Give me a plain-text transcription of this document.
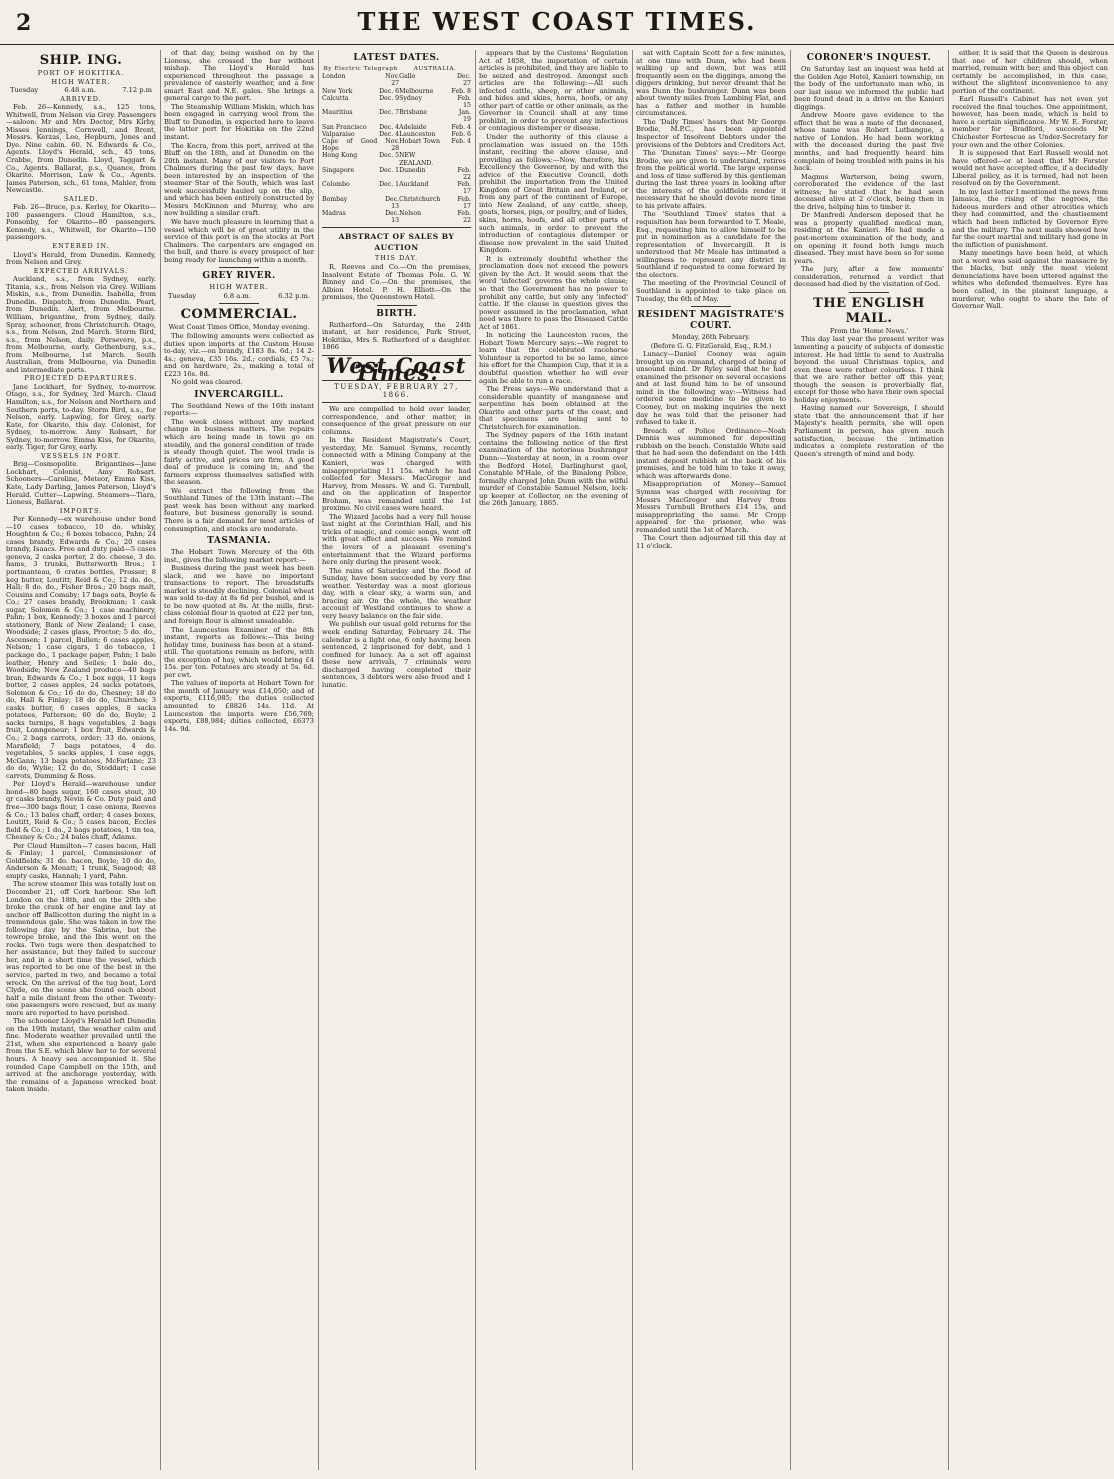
2	THE WEST COAST TIMES.
SHIP. ING.
PORT OF HOKITIKA.
HIGH WATER.
Tuesday	6.48 a.m.	7.12 p.m
ARRIVED.

Feb. 26—Kennedy, s.s., 125 tons, Whitwell, from Nelson via Grey. Passengers—saloon: Mr and Mrs Doctor, Mrs Kirby, Misses Jennings, Cornwell, and Brent, Messrs. Kerzas, Lee, Hepburn, Jones and Dye. Nine cabin. 60. N. Edwards & Co., Agents. Lloyd's Herald, sch., 45 tons, Crabbe, from Dunedin. Lloyd, Taggart & Co., Agents. Ballarat, p.s., Quance, from Okarito. Morrison, Law & Co., Agents. James Paterson, sch., 61 tons, Mahler, from Newcastle.

SAILED.

Feb. 26—Bruce, p.s. Kerley, for Okarito—100 passengers. Cloud Hamilton, s.s., Ponsonby, for Okarito—80 passengers. Kennedy, s.s., Whitwell, for Okarito—150 passengers.

ENTERED IN.

Lloyd's Herald, from Dunedin. Kennedy, from Nelson and Grey.

EXPECTED ARRIVALS.

Auckland, s.s., from Sydney, early. Titania, s.s., from Nelson via Grey. William Miskin, s.s., from Dunedin. Isabella, from Dunedin. Dispatch, from Dunedin. Pearl, from Dunedin. Alert, from Melbourne. William, brigantine, from Sydney, daily. Spray, schooner, from Christchurch. Otago, s.s., from Nelson, 2nd March. Storm Bird, s.s., from Nelson, daily. Persevere, p.s., from Melbourne, early. Gothenburg, s.s., from Melbourne, 1st March. South Australian, from Melbourne, via Dunedin and intermediate ports.

PROJECTED DEPARTURES.

Jane Lockhart, for Sydney, to-morrow. Otago, s.s., for Sydney, 3rd March. Claud Hamilton, s.s., for Nelson and Northern and Southern ports, to-day. Storm Bird, s.s., for Nelson, early. Lapwing, for Grey, early. Kate, for Okarito, this day. Colonist, for Sydney, to-morrow. Amy Robsart, for Sydney, to-morrow. Emma Kiss, for Okarito, early. Tiger, for Grey, early.

VESSELS IN PORT.

Brig—Cosmopolite. Brigantines—Jane Lockhart, Colonist, Amy Robsart. Schooners—Caroline, Meteor, Emma Kiss, Kate, Lady Darling, James Paterson, Lloyd's Herald. Cutter—Lapwing. Steamers—Tiara, Lioness, Ballarat.

IMPORTS.

Per Kennedy—ex warehouse under bond—10 cases tobacco, 10 do. whisky, Houghton & Co.; 6 boxes tobacco, Pahn; 24 cases brandy, Edwards & Co.; 20 cases brandy, Isaacs. Free and duty paid—5 cases geneva, 2 casks porter, 2 do. cheese, 3 do. hams, 3 trunks, Butterworth Bros.; 1 portmanteau, 6 crates bottles, Prosser; 8 keg butter, Loutitt; Reid & Co.; 12 do. do., Hall; 8 do. do., Fisher Bros.; 20 bags malt, Cousins and Comaby; 17 bags oats, Boyle & Co.; 27 cases brandy, Brookman; 1 cask sugar, Solomon & Co.; 1 case machinery, Pahn; 1 box, Kennedy; 3 boxes and 1 parcel stationery, Bank of New Zealand; 1 case, Woodside; 2 cases glass, Proctor; 5 do. do., Ascensen; 1 parcel, Bullen; 6 cases apples, Nelson; 1 case cigars, 1 do tobacco, 1 package do., 1 package paper, Pahn; 1 bale leather, Henry and Seiles; 1 bale do., Woodside; New Zealand produce—40 bags bran, Edwards & Co.; 1 box eggs, 11 kegs butter, 2 cases apples, 24 sacks potatoes, Solomon & Co.; 16 do do, Chesney; 18 do do, Hall & Finlay; 18 do do, Churches; 3 casks butter, 6 cases apples, 8 sacks potatoes, Patterson; 60 do do, Boyle; 2 sacks turnips, 8 bags vegetables, 2 bags fruit, Lonngeneur; 1 box fruit, Edwards & Co.; 2 bags carrots, order; 33 do. onions, Marsfield; 7 bags potatoes, 4 do. vegetables, 5 sacks apples, 1 case eggs, McGann; 13 bags potatoes, McFarlane; 23 do do, Wylie; 12 do do, Stoddart; 1 case carrots, Dumming & Ross.

Per Lloyd's Herald—warehouse under bond—80 bags sugar, 160 cases stout, 30 qr casks brandy, Nevin & Co. Duty paid and free—300 bags flour, 1 case onions, Reeves & Co.; 13 bales chaff, order; 4 cases boxes, Loutitt, Reid & Co.; 5 cases bacon, Eccles field & Co.; 1 do., 2 bags potatoes, 1 tin tea, Chesney & Co.; 24 bales chaff, Adams.

Per Cloud Hamilton—7 cases bacon, Hall & Finlay; 1 parcel, Commissioner of Goldfields; 31 do. bacon, Boyle; 10 do do, Anderson & Mouatt; 1 trunk, Seagood; 48 empty casks, Hannah; 1 yard, Pahn.

The screw steamer Ibis was totally lost on December 21, off Cork harbour. She left London on the 18th, and on the 20th she broke the crank of her engine and lay at anchor off Ballicotton during the night in a tremendous gale. She was taken in tow the following day by the Sabrina, but the towrope broke, and the Ibis went on the rocks. Two tugs were then despatched to her assistance, but they failed to succour her, and in a short time the vessel, which was reported to be one of the best in the service, parted in two, and became a total wreck. On the arrival of the tug boat, Lord Clyde, on the scene she found each about half a mile distant from the other. Twenty-one passengers were rescued, but as many more are reported to have perished.

The schooner Lloyd's Herald left Dunedin on the 19th instant, the weather calm and fine. Moderate weather prevailed until the 21st, when she experienced a heavy gale from the S.E. which blew her to for several hours. A heavy sea accompanied it. She rounded Cape Campbell on the 15th, and arrived at the anchorage yesterday, with the remains of a Japanese wrecked boat taken inside.

of that day, being washed on by the Lioness, she crossed the bar without mishap. The Lloyd's Herald has experienced throughout the passage a prevalence of easterly weather, and a few smart East and N.E. gales. She brings a general cargo to the port.

The Steamship William Miskin, which has been engaged in carrying wool from the Bluff to Dunedin, is expected here to leave the latter port for Hokitika on the 22nd instant.

The Kocra, from this port, arrived at the Bluff on the 18th, and at Dunedin on the 20th instant. Many of our visitors to Port Chalmers during the past few days, have been interested by an inspection of the steamer Star of the South, which was last week successfully hauled up on the slip, and which has been entirely constructed by Messrs McKinnon and Murray, who are now building a similar craft.

We have much pleasure in learning that a vessel which will be of great utility in the service of this port is on the stocks at Port Chalmers. The carpenters are engaged on the hull, and there is every prospect of her being ready for launching within a month.

GREY RIVER.
HIGH WATER.
Tuesday	6.8 a.m.	6.32 p.m.
COMMERCIAL.
West Coast Times Office, Monday evening.

The following amounts were collected as duties upon imports at the Custom House to-day, viz.—on brandy, £183 8s. 6d.; 14 2-4s.; geneva, £35 16s. 2d.; cordials, £5 7s.; and on hardware, 2s., making a total of £223 16s. 8d.

No gold was cleared.

INVERCARGILL.

The Southland News of the 16th instant reports:—

The week closes without any marked change in business matters. The repairs which are being made in town go on steadily, and the general condition of trade is steady though quiet. The wool trade is fairly active, and prices are firm. A good deal of produce is coming in, and the farmers express themselves satisfied with the season.

We extract the following from the Southland Times of the 13th instant:—The past week has been without any marked feature, but business generally is sound. There is a fair demand for most articles of consumption, and stocks are moderate.

TASMANIA.

The Hobart Town Mercury of the 6th inst., gives the following market report:—

Business during the past week has been slack, and we have no important transactions to report. The breadstuffs market is steadily declining. Colonial wheat was sold to-day at 8s 6d per bushel, and is to be now quoted at 8s. At the mills, first-class colonial flour is quoted at £22 per ton, and foreign flour is almost unsaleable.

The Launceston Examiner of the 8th instant, reports as follows:—This being holiday time, business has been at a stand-still. The quotations remain as before, with the exception of hay, which would bring £4 15s. per ton. Potatoes are steady at 5s. 6d. per cwt.

The values of imports at Hobart Town for the month of January was £14,050; and of exports, £116,085; the duties collected amounted to £8826 14s. 11d. At Launceston the imports were £56,769; exports, £88,984; duties collected, £6373 14s. 9d.

LATEST DATES.
By Electric Telegraph		AUSTRALIA.	
London	Nov. 27	Galle	Dec. 27
New York	Dec. 6	Melbourne	Feb. 8
Calcutta	Dec. 9	Sydney	Feb. 15
Mauritius	Dec. 7	Brisbane	Jan. 19
San Francisco	Dec. 4	Adelaide	Feb. 4
Valparaiso	Dec. 4	Launceston	Feb. 6
Cape of Good Hope	Nov. 28	Hobart Town	Feb. 4
Hong Kong	Dec. 5	NEW ZEALAND.	
Singapore	Dec. 1	Dunedin	Feb. 22
Colombo	Dec. 1	Auckland	Feb. 17
Bombay	Dec. 13	Christchurch	Feb. 17
Madras	Dec. 13	Nelson	Feb. 22
ABSTRACT OF SALES BY AUCTION
THIS DAY.

R. Reeves and Co.—On the premises, Insolvent Estate of Thomas Pole. G. W. Binney and Co.—On the premises, the Albion Hotel. P. H. Elliott—On the premises, the Queenstown Hotel.

BIRTH.

Rutherford—On Saturday, the 24th instant, at her residence, Park Street, Hokitika, Mrs S. Rutherford of a daughter. 1866

West Coast Times.
TUESDAY, FEBRUARY 27, 1866.

We are compelled to hold over leader, correspondence, and other matter, in consequence of the great pressure on our columns.

In the Resident Magistrate's Court, yesterday, Mr. Samuel Symms, recently connected with a Mining Company at the Kanieri, was charged with misappropriating 11 15s. which he had collected for Messrs. MacGregor and Harvey, from Messrs. W. and G. Turnbull, and on the application of Inspector Broham, was remanded until the 1st proximo. No civil cases were heard.

The Wizard Jacobs had a very full house last night at the Corinthian Hall, and his tricks of magic, and comic songs, went off with great effect and success. We remind the lovers of a pleasant evening's entertainment that the Wizard performs here only during the present week.

The rains of Saturday and the flood of Sunday, have been succeeded by very fine weather. Yesterday was a most glorious day, with a clear sky, a warm sun, and bracing air. On the whole, the weather account of Westland continues to show a very heavy balance on the fair side.

We publish our usual gold returns for the week ending Saturday, February 24. The calendar is a light one, 6 only having been sentenced, 2 imprisoned for debt, and 1 confined for lunacy. As a set off against these new arrivals, 7 criminals were discharged having completed their sentences, 3 debtors were also freed and 1 lunatic.

appears that by the Customs' Regulation Act of 1858, the importation of certain articles is prohibited, and they are liable to be seized and destroyed. Amongst such articles are the following:—All such infected cattle, sheep, or other animals, and hides and skins, horns, hoofs, or any other part of cattle or other animals, as the Governor in Council shall at any time prohibit, in order to prevent any infectious or contagious distemper or disease.

Under the authority of this clause a proclamation was issued on the 15th instant, reciting the above clause, and providing as follows:—Now, therefore, his Excellency the Governor, by and with the advice of the Executive Council, doth prohibit the importation from the United Kingdom of Great Britain and Ireland, or from any part of the continent of Europe, into New Zealand, of any cattle, sheep, goats, horses, pigs, or poultry, and of hides, skins, horns, hoofs, and all other parts of such animals, in order to prevent the introduction of contagious distemper or disease now prevalent in the said United Kingdom.

It is extremely doubtful whether the proclamation does not exceed the powers given by the Act. It would seem that the word 'infected' governs the whole clause; so that the Government has no power to prohibit any cattle, but only any 'infected' cattle. If the clause in question gives the power assumed in the proclamation, what need was there to pass the Diseased Cattle Act of 1861.

In noticing the Launceston races, the Hobart Town Mercury says:—We regret to learn that the celebrated racehorse Volunteer is reported to be so lame, since his effort for the Champion Cup, that it is a doubtful question whether he will ever again be able to run a race.

The Press says:—We understand that a considerable quantity of manganese and serpentine has been obtained at the Okarito and other parts of the coast, and that specimens are being sent to Christchurch for examination.

The Sydney papers of the 16th instant contains the following notice of the first examination of the notorious bushranger Dunn:—Yesterday at noon, in a room over the Bedford Hotel, Darlinghurst gaol, Constable M'Hale, of the Binalong Police, formally charged John Dunn with the wilful murder of Constable Samuel Nelson, lock-up keeper at Collector, on the evening of the 26th January, 1865.

sat with Captain Scott for a few minutes, at one time with Dunn, who had been walking up and down, but was still frequently seen on the diggings, among the diggers drinking, but never dreamt that he was Dunn the bushranger. Dunn was been about twenty miles from Lambing Flat, and has a father and mother in humble circumstances.

The 'Daily Times' hears that Mr George Brodie, M.P.C., has been appointed Inspector of Insolvent Debtors under the provisions of the Debtors and Creditors Act.

The 'Dunstan Times' says:—Mr George Brodie, we are given to understand, retires from the political world. The large expense and loss of time suffered by this gentleman during the last three years in looking after the interests of the goldfields render it necessary that he should devote more time to his private affairs.

The 'Southland Times' states that a requisition has been forwarded to T. Meale, Esq., requesting him to allow himself to be put in nomination as a candidate for the representation of Invercargill. It is understood that Mr Meale has intimated a willingness to represent any district in Southland if requested to come forward by the electors.

The meeting of the Provincial Council of Southland is appointed to take place on Tuesday, the 6th of May.

RESIDENT MAGISTRATE'S COURT.
Monday, 26th February.
(Before G. G. FitzGerald, Esq., R.M.)

Lunacy—Daniel Cooney was again brought up on remand, charged of being of unsound mind. Dr Ryley said that he had examined the prisoner on several occasions and at last found him to be of unsound mind in the following way:—Witness had ordered some medicine to be given to Cooney, but on making inquiries the next day he was told that the prisoner had refused to take it.

Breach of Police Ordinance—Noah Dennis was summoned for depositing rubbish on the beach. Constable White said that he had seen the defendant on the 14th instant deposit rubbish at the back of his premises, and he told him to take it away, which was afterwards done.

Misappropriation of Money—Samuel Symms was charged with receiving for Messrs MacGregor and Harvey from Messrs Turnbull Brothers £14 15s, and misappropriating the same. Mr Cropp appeared for the prisoner, who was remanded until the 1st of March.

The Court then adjourned till this day at 11 o'clock.

CORONER'S INQUEST.

On Saturday last an inquest was held at the Golden Age Hotel, Kanieri township, on the body of the unfortunate man who, in our last issue we informed the public had been found dead in a drive on the Kanieri diggings.

Andrew Moore gave evidence to the effect that he was a mate of the deceased, whose name was Robert Lutbangue, a native of London. He had been working with the deceased during the past five months, and had frequently heard him complain of being troubled with pains in his back.

Magnus Warterson, being sworn, corroborated the evidence of the last witness; he stated that he had seen deceased alive at 2 o'clock, being then in the drive, helping him to timber it.

Dr Manfredi Anderson deposed that he was a properly qualified medical man, residing at the Kanieri. He had made a post-mortem examination of the body, and on opening it found both lungs much diseased. They must have been so for some years.

The jury, after a few moments' consideration, returned a verdict that deceased had died by the visitation of God.

THE ENGLISH MAIL.
From the 'Home News.'

This day last year the present writer was lamenting a paucity of subjects of domestic interest. He had little to send to Australia beyond the usual Christmas topics, and even these were rather colourless. I think that we are rather better off this year, though the season is proverbially flat, except for those who have their own special holiday enjoyments.

Having named our Sovereign, I should state that the announcement that if her Majesty's health permits, she will open Parliament in person, has given much satisfaction, because the intimation indicates a complete restoration of the Queen's strength of mind and body.

either. It is said that the Queen is desirous that one of her children should, when married, remain with her; and this object can certainly be accomplished, in this case, without the slightest inconvenience to any portion of the continent.

Earl Russell's Cabinet has not even yet received the final touches. One appointment, however, has been made, which is held to have a certain significance. Mr W. E. Forster, member for Bradford, succeeds Mr Chichester Fortescue as Under-Secretary for your own and the other Colonies.

It is supposed that Earl Russell would not have offered—or at least that Mr Forster would not have accepted office, if a decidedly Liberal policy, as it is termed, had not been resolved on by the Government.

In my last letter I mentioned the news from Jamaica, the rising of the negroes, the hideous murders and other atrocities which they had committed, and the chastisement which had been inflicted by Governor Eyre and the military. The next mails showed how far the court martial and military had gone in the infliction of punishment.

Many meetings have been held, at which not a word was said against the massacre by the blacks, but only the most violent denunciations have been uttered against the whites who defended themselves. Eyre has been called, in the plainest language, a murderer, who ought to share the fate of Governor Wall.
